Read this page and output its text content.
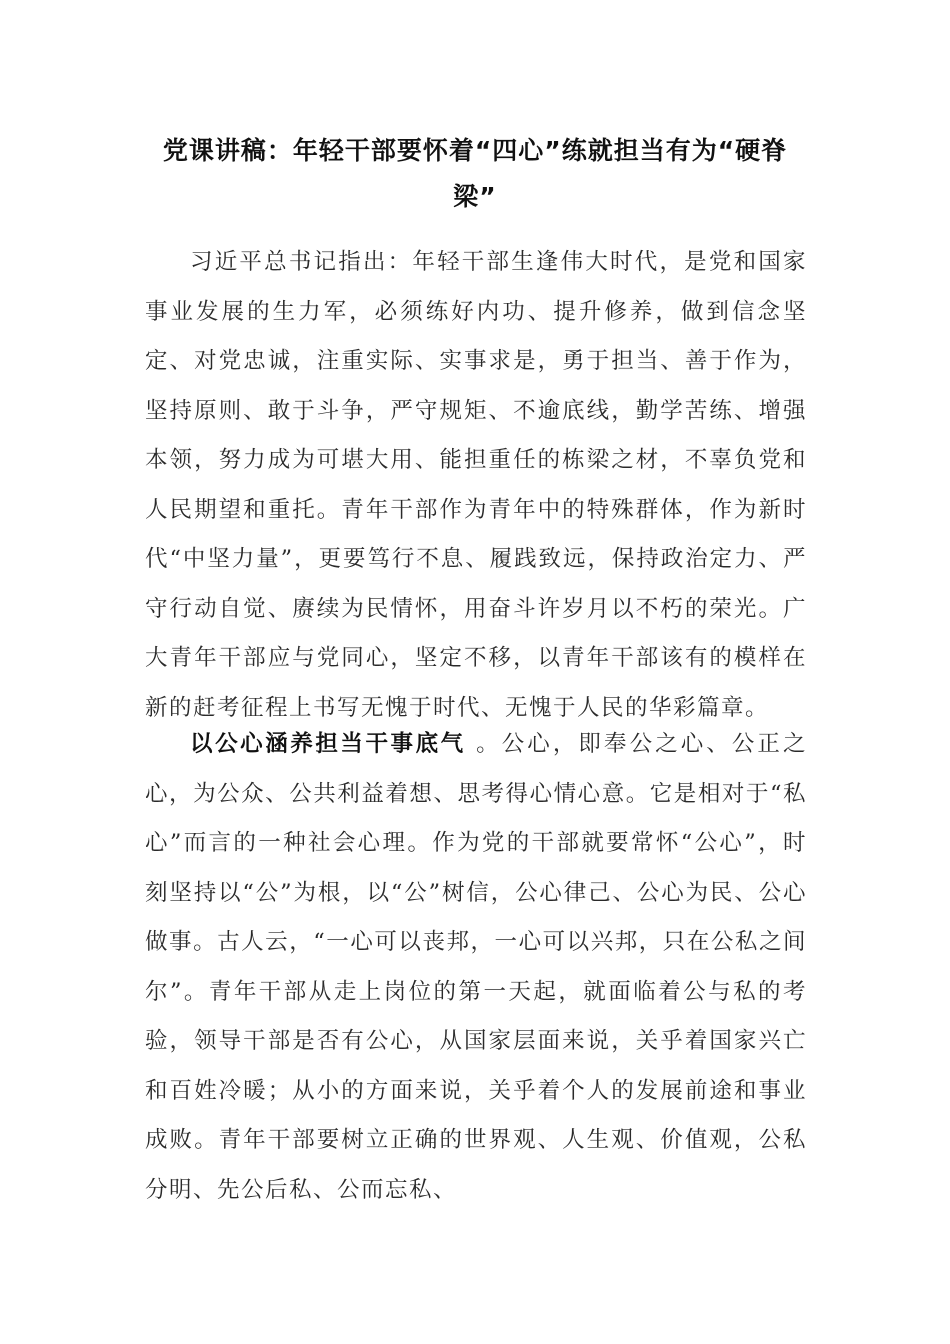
党课讲稿：年轻干部要怀着“四心”练就担当有为“硬脊梁”

习近平总书记指出：年轻干部生逢伟大时代，是党和国家事业发展的生力军，必须练好内功、提升修养，做到信念坚定、对党忠诚，注重实际、实事求是，勇于担当、善于作为，坚持原则、敢于斗争，严守规矩、不逾底线，勤学苦练、增强本领，努力成为可堪大用、能担重任的栋梁之材，不辜负党和人民期望和重托。青年干部作为青年中的特殊群体，作为新时代“中坚力量”，更要笃行不息、履践致远，保持政治定力、严守行动自觉、赓续为民情怀，用奋斗许岁月以不朽的荣光。广大青年干部应与党同心，坚定不移，以青年干部该有的模样在新的赶考征程上书写无愧于时代、无愧于人民的华彩篇章。

以公心涵养担当干事底气 。公心，即奉公之心、公正之心，为公众、公共利益着想、思考得心情心意。它是相对于“私心”而言的一种社会心理。作为党的干部就要常怀“公心”，时刻坚持以“公”为根，以“公”树信，公心律己、公心为民、公心做事。古人云，“一心可以丧邦，一心可以兴邦，只在公私之间尔”。青年干部从走上岗位的第一天起，就面临着公与私的考验，领导干部是否有公心，从国家层面来说，关乎着国家兴亡和百姓冷暖；从小的方面来说，关乎着个人的发展前途和事业成败。青年干部要树立正确的世界观、人生观、价值观，公私分明、先公后私、公而忘私、
